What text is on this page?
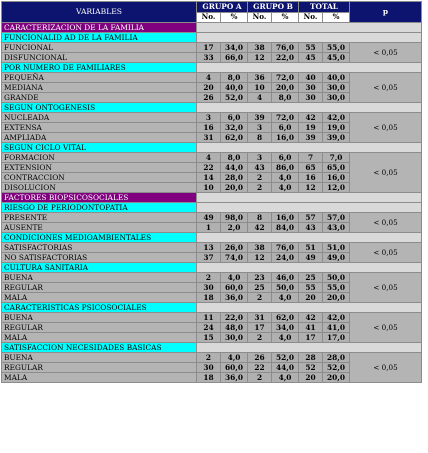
VARIABLES	GRUPO A		GRUPO B		TOTAL		p
	No.	%	No.	%	No.	%	
CARACTERIZACION DE LA FAMILIA							
FUNCIONALID AD DE LA FAMILIA							
FUNCIONAL	17	34,0	38	76,0	55	55,0	< 0,05
DISFUNCIONAL	33	66,0	12	22,0	45	45,0	
POR NUMERO DE FAMILIARES							
PEQUEÑA	4	8,0	36	72,0	40	40,0	< 0,05
MEDIANA	20	40,0	10	20,0	30	30,0	
GRANDE	26	52,0	4	8,0	30	30,0	
SEGUN ONTOGENESIS							
NUCLEADA	3	6,0	39	72,0	42	42,0	< 0,05
EXTENSA	16	32,0	3	6,0	19	19,0	
AMPLIADA	31	62,0	8	16,0	39	39,0	
SEGUN CICLO VITAL							
FORMACION	4	8,0	3	6,0	7	7,0	< 0,05
EXTENSION	22	44,0	43	86,0	65	65,0	
CONTRACCION	14	28,0	2	4,0	16	16,0	
DISOLUCION	10	20,0	2	4,0	12	12,0	
FACTORES BIOPSICOSOCIALES							
RIESGO DE PERIODONTOPATIA							
PRESENTE	49	98,0	8	16,0	57	57,0	< 0,05
AUSENTE	1	2,0	42	84,0	43	43,0	
CONDICIONES MEDIOAMBIENTALES							
SATISFACTORIAS	13	26,0	38	76,0	51	51,0	< 0,05
NO SATISFACTORIAS	37	74,0	12	24,0	49	49,0	
CULTURA SANITARIA							
BUENA	2	4,0	23	46,0	25	50,0	< 0,05
REGULAR	30	60,0	25	50,0	55	55,0	
MALA	18	36,0	2	4,0	20	20,0	
CARACTERISTICAS PSICOSOCIALES							
BUENA	11	22,0	31	62,0	42	42,0	< 0,05
REGULAR	24	48,0	17	34,0	41	41,0	
MALA	15	30,0	2	4,0	17	17,0	
SATISFACCION NECESIDADES BASICAS							
BUENA	2	4,0	26	52,0	28	28,0	< 0,05
REGULAR	30	60,0	22	44,0	52	52,0	
MALA	18	36,0	2	4,0	20	20,0	
